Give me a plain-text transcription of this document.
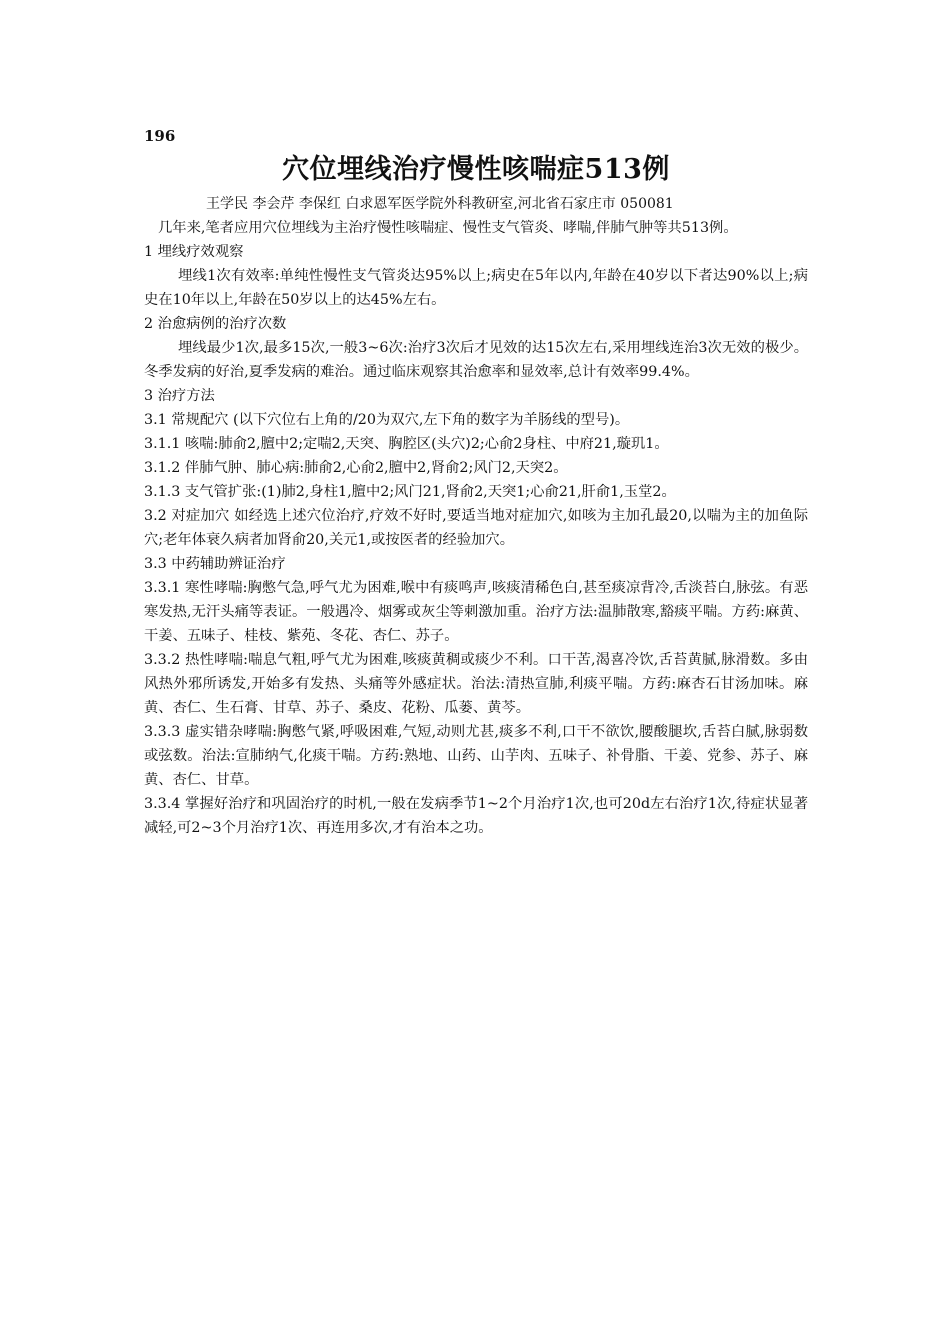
196
穴位埋线治疗慢性咳喘症513例
王学民 李会芹 李保红 白求恩军医学院外科教研室,河北省石家庄市 050081

几年来,笔者应用穴位埋线为主治疗慢性咳喘症、慢性支气管炎、哮喘,伴肺气肿等共513例。

1 埋线疗效观察

埋线1次有效率:单纯性慢性支气管炎达95%以上;病史在5年以内,年龄在40岁以下者达90%以上;病史在10年以上,年龄在50岁以上的达45%左右。

2 治愈病例的治疗次数

埋线最少1次,最多15次,一般3~6次:治疗3次后才见效的达15次左右,采用埋线连治3次无效的极少。冬季发病的好治,夏季发病的难治。通过临床观察其治愈率和显效率,总计有效率99.4%。

3 治疗方法

3.1 常规配穴 (以下穴位右上角的/20为双穴,左下角的数字为羊肠线的型号)。

3.1.1 咳喘:肺俞2,膻中2;定喘2,天突、胸腔区(头穴)2;心俞2身柱、中府21,璇玑1。

3.1.2 伴肺气肿、肺心病:肺俞2,心俞2,膻中2,肾俞2;风门2,天突2。

3.1.3 支气管扩张:(1)肺2,身柱1,膻中2;风门21,肾俞2,天突1;心俞21,肝俞1,玉堂2。

3.2 对症加穴 如经选上述穴位治疗,疗效不好时,要适当地对症加穴,如咳为主加孔最20,以喘为主的加鱼际穴;老年体衰久病者加肾俞20,关元1,或按医者的经验加穴。

3.3 中药辅助辨证治疗

3.3.1 寒性哮喘:胸憋气急,呼气尤为困难,喉中有痰鸣声,咳痰清稀色白,甚至痰凉背冷,舌淡苔白,脉弦。有恶寒发热,无汗头痛等表证。一般遇冷、烟雾或灰尘等刺激加重。治疗方法:温肺散寒,豁痰平喘。方药:麻黄、干姜、五味子、桂枝、紫苑、冬花、杏仁、苏子。

3.3.2 热性哮喘:喘息气粗,呼气尤为困难,咳痰黄稠或痰少不利。口干苦,渴喜冷饮,舌苔黄腻,脉滑数。多由风热外邪所诱发,开始多有发热、头痛等外感症状。治法:清热宣肺,利痰平喘。方药:麻杏石甘汤加味。麻黄、杏仁、生石膏、甘草、苏子、桑皮、花粉、瓜蒌、黄芩。

3.3.3 虚实错杂哮喘:胸憋气紧,呼吸困难,气短,动则尤甚,痰多不利,口干不欲饮,腰酸腿坎,舌苔白腻,脉弱数或弦数。治法:宣肺纳气,化痰干喘。方药:熟地、山药、山芋肉、五味子、补骨脂、干姜、党参、苏子、麻黄、杏仁、甘草。

3.3.4 掌握好治疗和巩固治疗的时机,一般在发病季节1~2个月治疗1次,也可20d左右治疗1次,待症状显著减轻,可2~3个月治疗1次、再连用多次,才有治本之功。
